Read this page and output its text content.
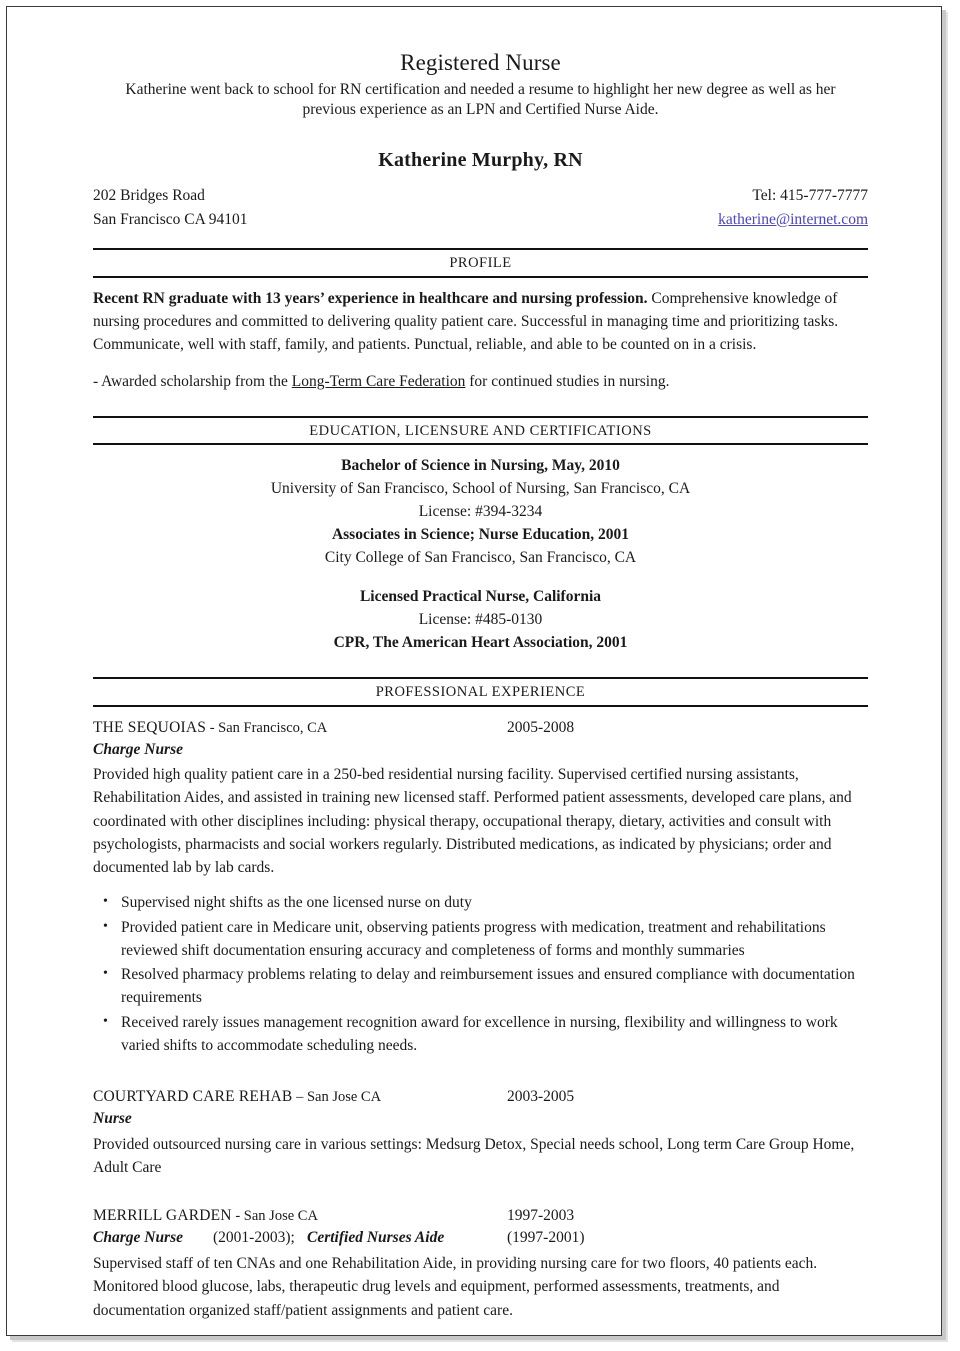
Registered Nurse

Katherine went back to school for RN certification and needed a resume to highlight her new degree as well as her previous experience as an LPN and Certified Nurse Aide.

Katherine Murphy, RN
202 Bridges Road
San Francisco CA 94101
Tel: 415-777-7777
katherine@internet.com
PROFILE

Recent RN graduate with 13 years’ experience in healthcare and nursing profession. Comprehensive knowledge of nursing procedures and committed to delivering quality patient care. Successful in managing time and prioritizing tasks. Communicate, well with staff, family, and patients. Punctual, reliable, and able to be counted on in a crisis.

- Awarded scholarship from the Long-Term Care Federation for continued studies in nursing.

EDUCATION, LICENSURE AND CERTIFICATIONS
Bachelor of Science in Nursing, May, 2010
University of San Francisco, School of Nursing, San Francisco, CA
License: #394-3234
Associates in Science; Nurse Education, 2001
City College of San Francisco, San Francisco, CA
Licensed Practical Nurse, California
License: #485-0130
CPR, The American Heart Association, 2001
PROFESSIONAL EXPERIENCE
THE SEQUOIAS - San Francisco, CA	2005-2008
Charge Nurse

Provided high quality patient care in a 250-bed residential nursing facility. Supervised certified nursing assistants, Rehabilitation Aides, and assisted in training new licensed staff. Performed patient assessments, developed care plans, and coordinated with other disciplines including: physical therapy, occupational therapy, dietary, activities and consult with psychologists, pharmacists and social workers regularly. Distributed medications, as indicated by physicians; order and documented lab by lab cards.

• Supervised night shifts as the one licensed nurse on duty
• Provided patient care in Medicare unit, observing patients progress with medication, treatment and rehabilitations reviewed shift documentation ensuring accuracy and completeness of forms and monthly summaries
• Resolved pharmacy problems relating to delay and reimbursement issues and ensured compliance with documentation requirements
• Received rarely issues management recognition award for excellence in nursing, flexibility and willingness to work varied shifts to accommodate scheduling needs.
COURTYARD CARE REHAB – San Jose CA	2003-2005
Nurse

Provided outsourced nursing care in various settings: Medsurg Detox, Special needs school, Long term Care Group Home, Adult Care

MERRILL GARDEN - San Jose CA	1997-2003
Charge Nurse (2001-2003); Certified Nurses Aide	(1997-2001)

Supervised staff of ten CNAs and one Rehabilitation Aide, in providing nursing care for two floors, 40 patients each. Monitored blood glucose, labs, therapeutic drug levels and equipment, performed assessments, treatments, and documentation organized staff/patient assignments and patient care.
